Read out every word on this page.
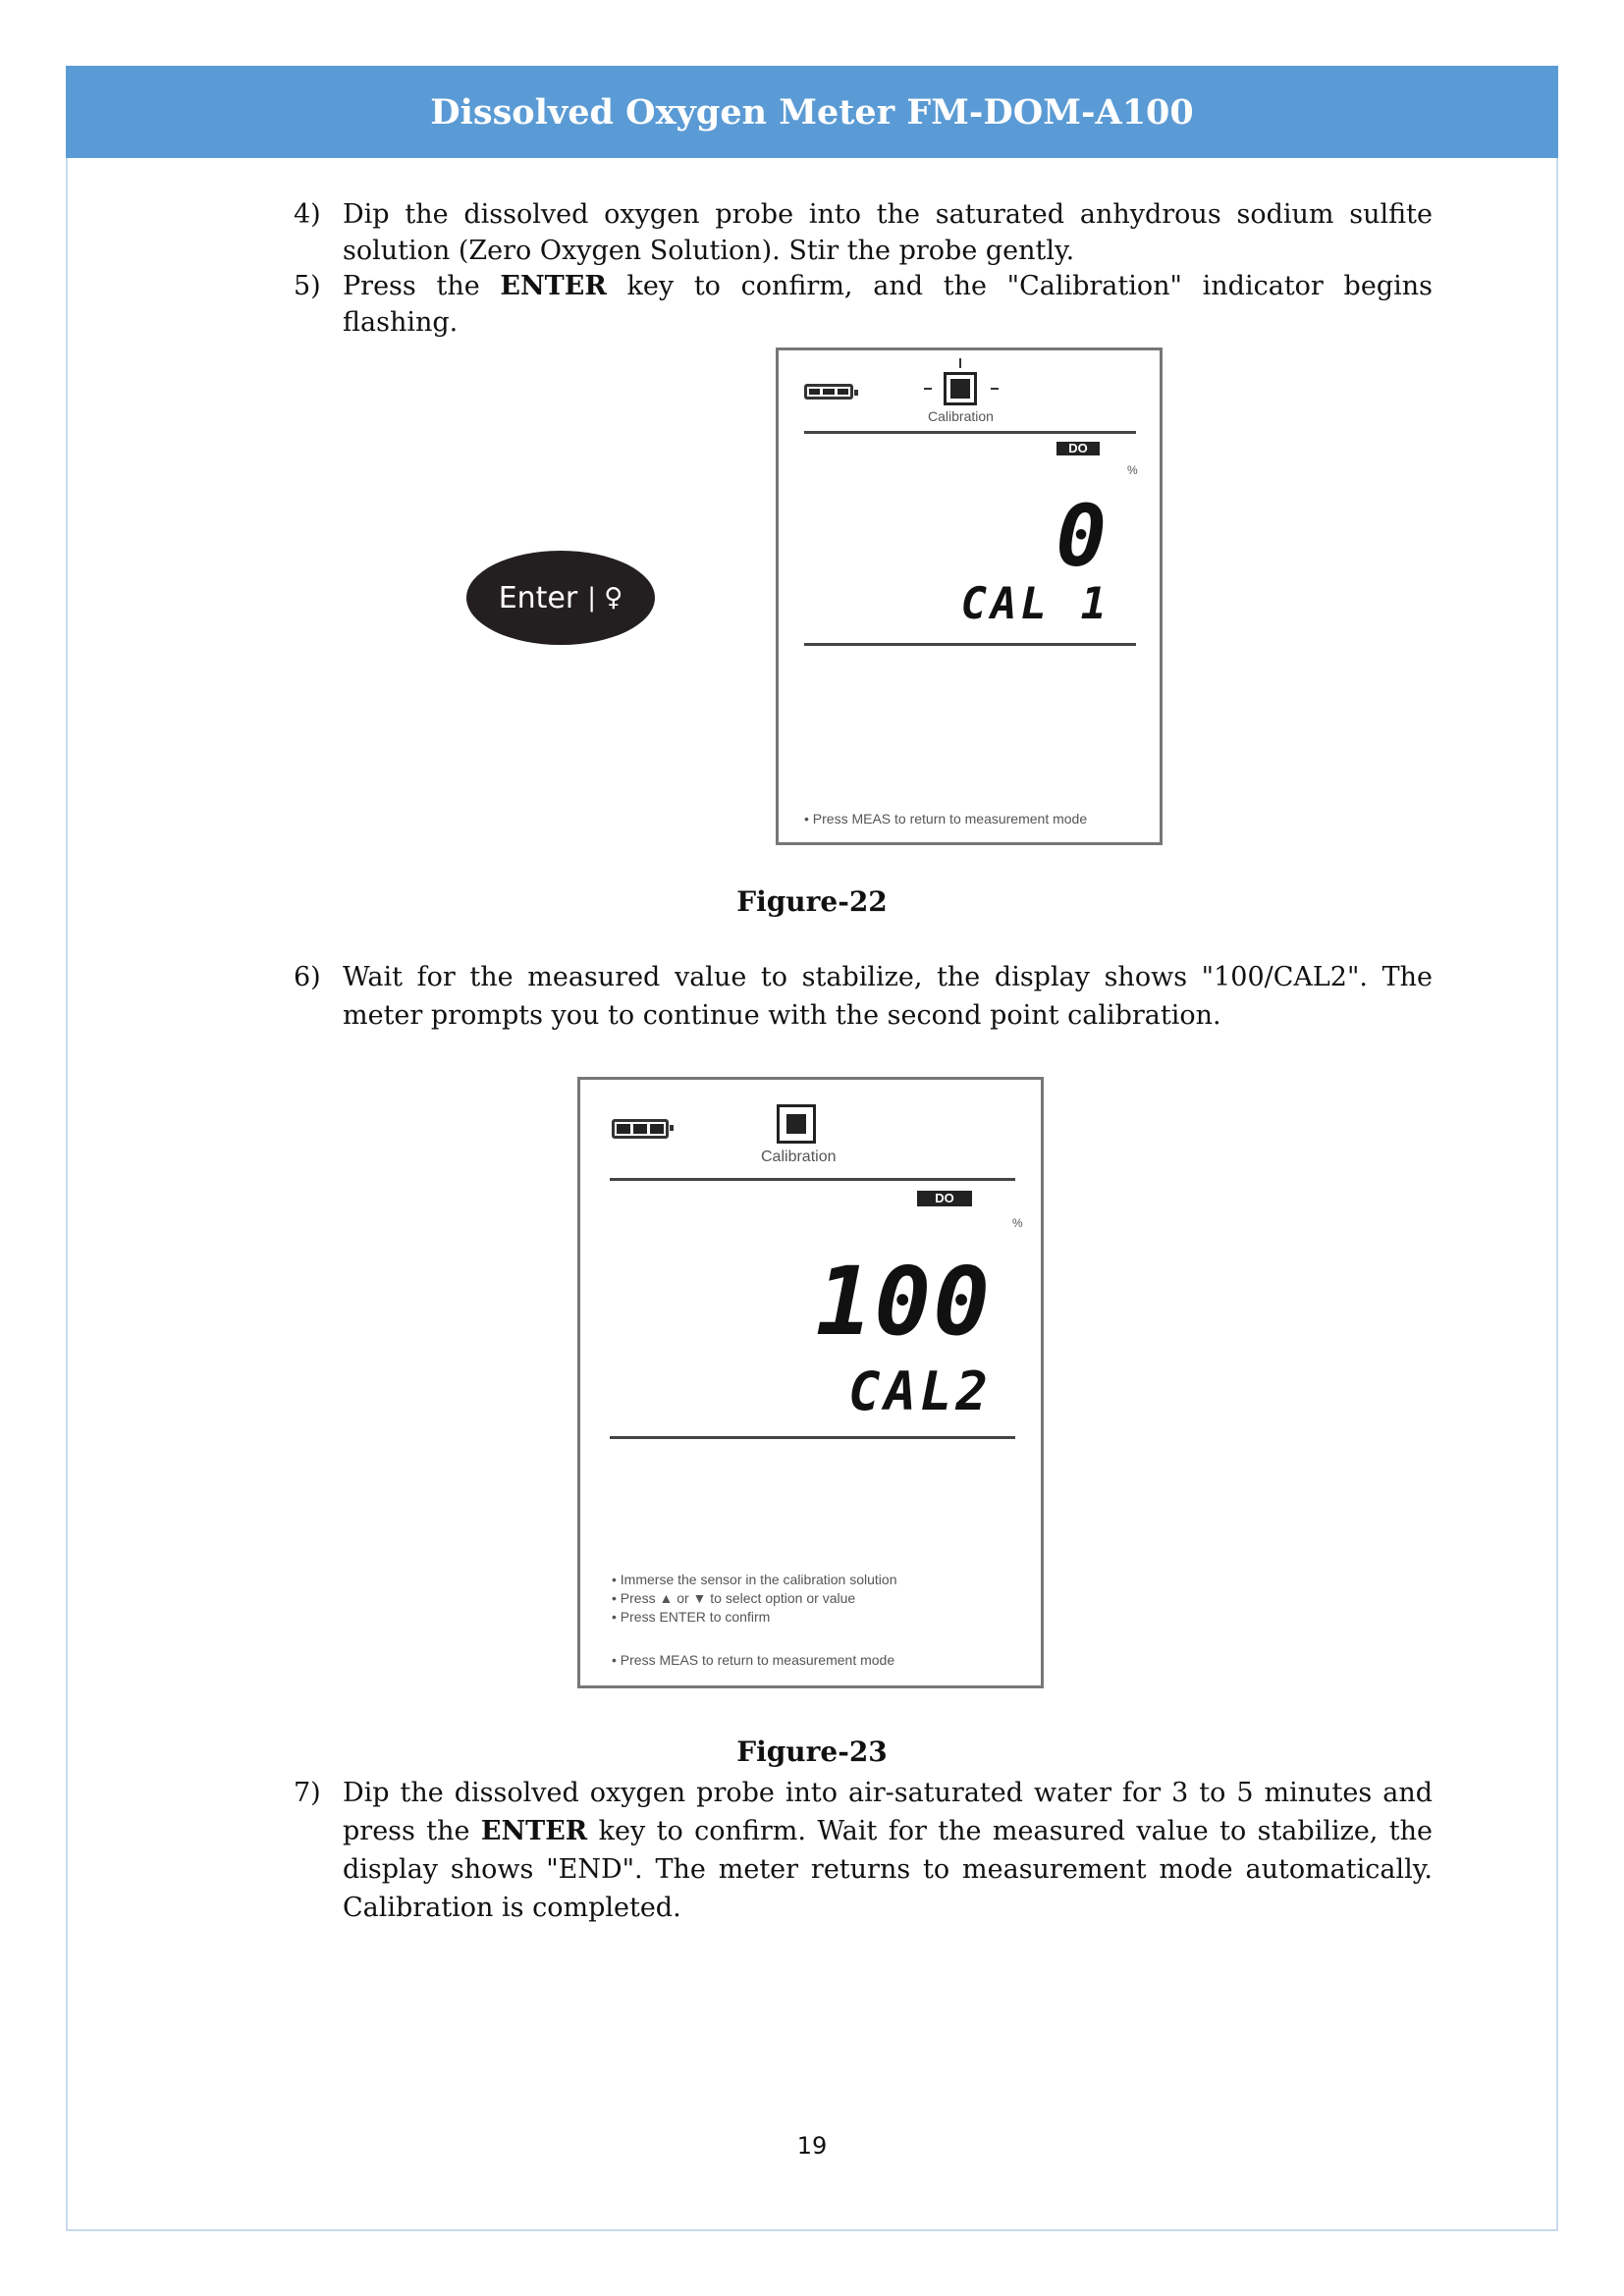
Dissolved Oxygen Meter FM-DOM-A100
4) Dip the dissolved oxygen probe into the saturated anhydrous sodium sulfite solution (Zero Oxygen Solution). Stir the probe gently.
5) Press the ENTER key to confirm, and the "Calibration" indicator begins flashing.
Enter | ♀
Calibration
DO
%
0
CAL 1
• Press MEAS to return to measurement mode
Figure-22
6) Wait for the measured value to stabilize, the display shows "100/CAL2". The meter prompts you to continue with the second point calibration.
Calibration
DO
%
100
CAL2
• Immerse the sensor in the calibration solution
• Press ▲ or ▼ to select option or value
• Press ENTER to confirm
• Press MEAS to return to measurement mode
Figure-23
7) Dip the dissolved oxygen probe into air-saturated water for 3 to 5 minutes and press the ENTER key to confirm. Wait for the measured value to stabilize, the display shows "END". The meter returns to measurement mode automatically. Calibration is completed.
19
